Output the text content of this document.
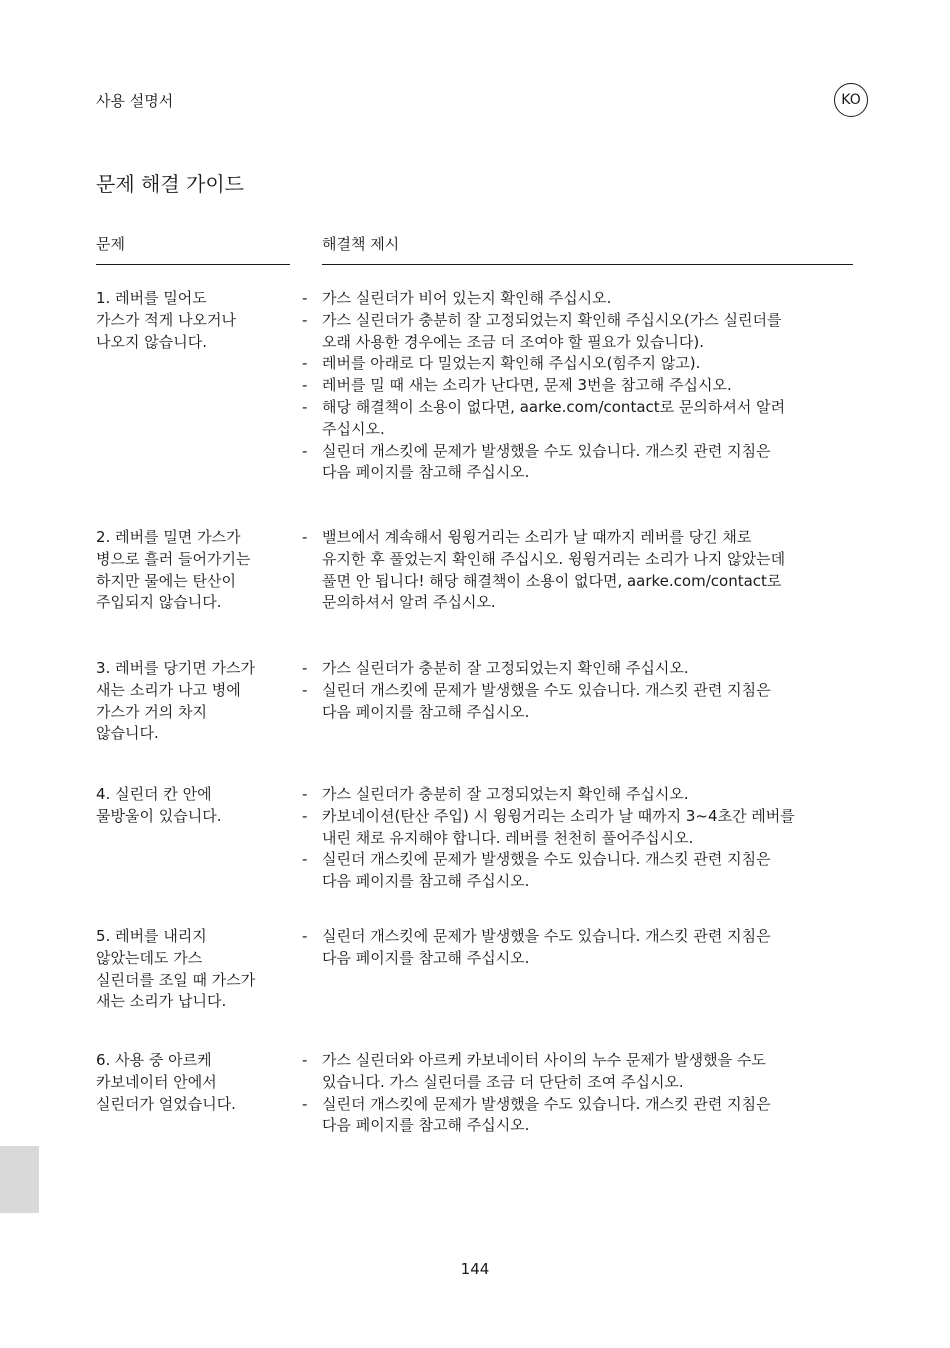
사용 설명서	KO
문제 해결 가이드
문제	해결책 제시
1. 레버를 밀어도
가스가 적게 나오거나
나오지 않습니다.
- 가스 실린더가 비어 있는지 확인해 주십시오.
- 가스 실린더가 충분히 잘 고정되었는지 확인해 주십시오(가스 실린더를
오래 사용한 경우에는 조금 더 조여야 할 필요가 있습니다).
- 레버를 아래로 다 밀었는지 확인해 주십시오(힘주지 않고).
- 레버를 밀 때 새는 소리가 난다면, 문제 3번을 참고해 주십시오.
- 해당 해결책이 소용이 없다면, aarke.com/contact로 문의하셔서 알려
주십시오.
- 실린더 개스킷에 문제가 발생했을 수도 있습니다. 개스킷 관련 지침은
다음 페이지를 참고해 주십시오.
2. 레버를 밀면 가스가
병으로 흘러 들어가기는
하지만 물에는 탄산이
주입되지 않습니다.
- 밸브에서 계속해서 윙윙거리는 소리가 날 때까지 레버를 당긴 채로
유지한 후 풀었는지 확인해 주십시오. 윙윙거리는 소리가 나지 않았는데
풀면 안 됩니다! 해당 해결책이 소용이 없다면, aarke.com/contact로
문의하셔서 알려 주십시오.
3. 레버를 당기면 가스가
새는 소리가 나고 병에
가스가 거의 차지
않습니다.
- 가스 실린더가 충분히 잘 고정되었는지 확인해 주십시오.
- 실린더 개스킷에 문제가 발생했을 수도 있습니다. 개스킷 관련 지침은
다음 페이지를 참고해 주십시오.
4. 실린더 칸 안에
물방울이 있습니다.
- 가스 실린더가 충분히 잘 고정되었는지 확인해 주십시오.
- 카보네이션(탄산 주입) 시 윙윙거리는 소리가 날 때까지 3~4초간 레버를
내린 채로 유지해야 합니다. 레버를 천천히 풀어주십시오.
- 실린더 개스킷에 문제가 발생했을 수도 있습니다. 개스킷 관련 지침은
다음 페이지를 참고해 주십시오.
5. 레버를 내리지
않았는데도 가스
실린더를 조일 때 가스가
새는 소리가 납니다.
- 실린더 개스킷에 문제가 발생했을 수도 있습니다. 개스킷 관련 지침은
다음 페이지를 참고해 주십시오.
6. 사용 중 아르케
카보네이터 안에서
실린더가 얼었습니다.
- 가스 실린더와 아르케 카보네이터 사이의 누수 문제가 발생했을 수도
있습니다. 가스 실린더를 조금 더 단단히 조여 주십시오.
- 실린더 개스킷에 문제가 발생했을 수도 있습니다. 개스킷 관련 지침은
다음 페이지를 참고해 주십시오.
144
